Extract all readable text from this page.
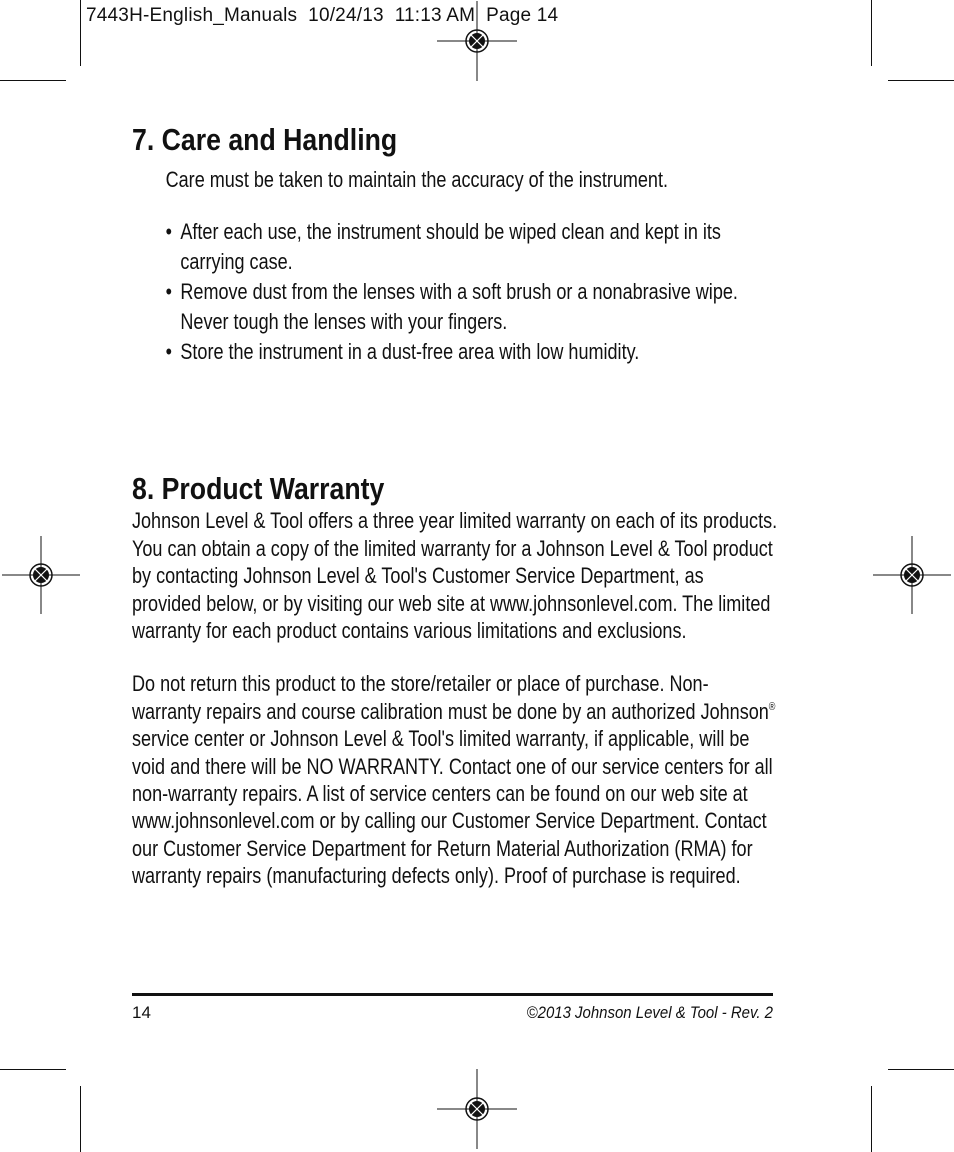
7443H-English_Manuals  10/24/13  11:13 AM  Page 14
7. Care and Handling

Care must be taken to maintain the accuracy of the instrument.

• After each use, the instrument should be wiped clean and kept in its carrying case.
• Remove dust from the lenses with a soft brush or a nonabrasive wipe. Never tough the lenses with your fingers.
• Store the instrument in a dust-free area with low humidity.
8. Product Warranty

Johnson Level & Tool offers a three year limited warranty on each of its products. You can obtain a copy of the limited warranty for a Johnson Level & Tool product by contacting Johnson Level & Tool's Customer Service Department, as provided below, or by visiting our web site at www.johnsonlevel.com. The limited warranty for each product contains various limitations and exclusions.

Do not return this product to the store/retailer or place of purchase. Non-warranty repairs and course calibration must be done by an authorized Johnson® service center or Johnson Level & Tool's limited warranty, if applicable, will be void and there will be NO WARRANTY. Contact one of our service centers for all non-warranty repairs. A list of service centers can be found on our web site at www.johnsonlevel.com or by calling our Customer Service Department. Contact our Customer Service Department for Return Material Authorization (RMA) for warranty repairs (manufacturing defects only). Proof of purchase is required.

14	©2013 Johnson Level & Tool - Rev. 2
